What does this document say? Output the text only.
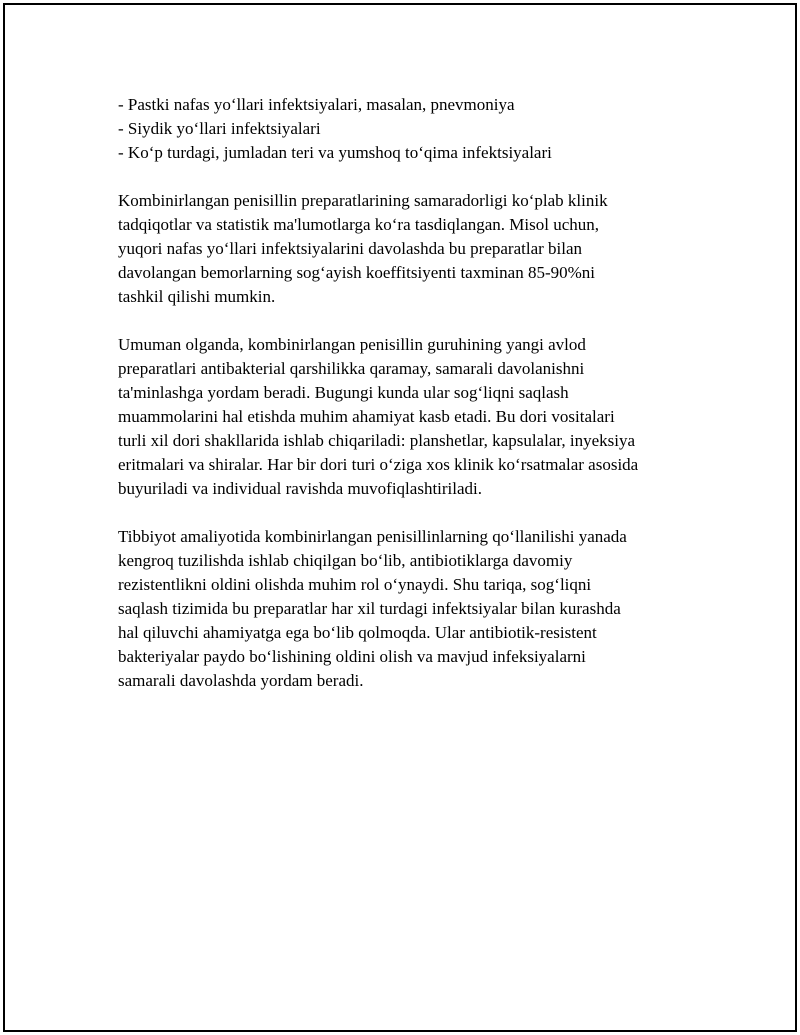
- Pastki nafas yo‘llari infektsiyalari, masalan, pnevmoniya

- Siydik yo‘llari infektsiyalari

- Ko‘p turdagi, jumladan teri va yumshoq to‘qima infektsiyalari

Kombinirlangan penisillin preparatlarining samaradorligi ko‘plab klinik
tadqiqotlar va statistik ma'lumotlarga ko‘ra tasdiqlangan. Misol uchun,
yuqori nafas yo‘llari infektsiyalarini davolashda bu preparatlar bilan
davolangan bemorlarning sog‘ayish koeffitsiyenti taxminan 85-90%ni
tashkil qilishi mumkin.
Umuman olganda, kombinirlangan penisillin guruhining yangi avlod
preparatlari antibakterial qarshilikka qaramay, samarali davolanishni
ta'minlashga yordam beradi. Bugungi kunda ular sog‘liqni saqlash
muammolarini hal etishda muhim ahamiyat kasb etadi. Bu dori vositalari
turli xil dori shakllarida ishlab chiqariladi: planshetlar, kapsulalar, inyeksiya
eritmalari va shiralar. Har bir dori turi o‘ziga xos klinik ko‘rsatmalar asosida
buyuriladi va individual ravishda muvofiqlashtiriladi.
Tibbiyot amaliyotida kombinirlangan penisillinlarning qo‘llanilishi yanada
kengroq tuzilishda ishlab chiqilgan bo‘lib, antibiotiklarga davomiy
rezistentlikni oldini olishda muhim rol o‘ynaydi. Shu tariqa, sog‘liqni
saqlash tizimida bu preparatlar har xil turdagi infektsiyalar bilan kurashda
hal qiluvchi ahamiyatga ega bo‘lib qolmoqda. Ular antibiotik-resistent
bakteriyalar paydo bo‘lishining oldini olish va mavjud infeksiyalarni
samarali davolashda yordam beradi.
